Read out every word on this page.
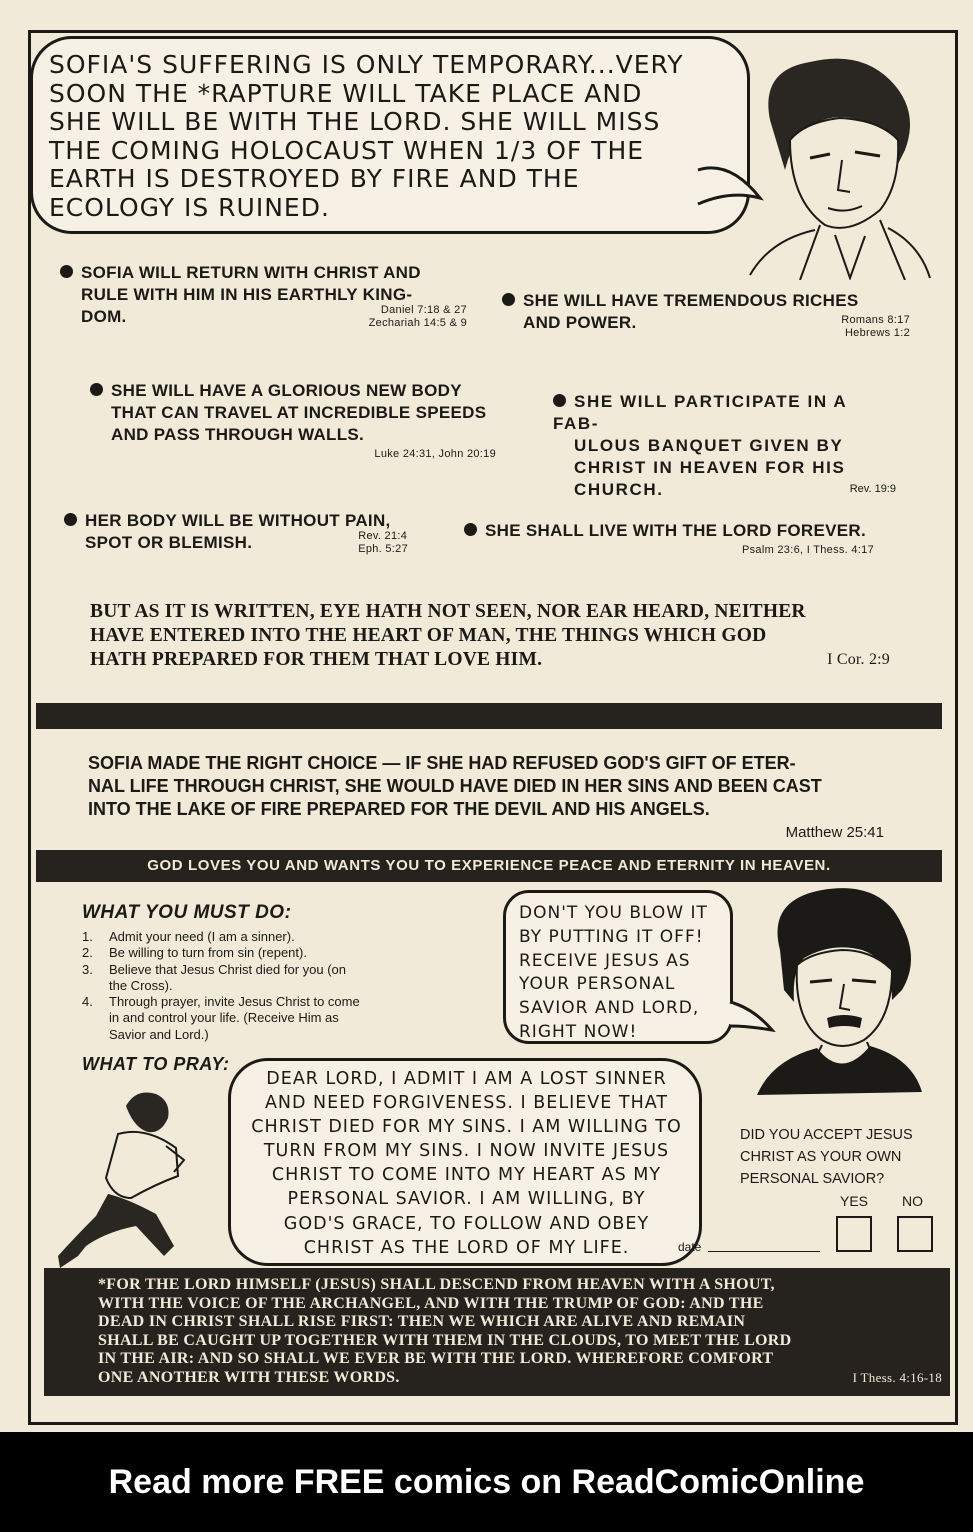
SOFIA'S SUFFERING IS ONLY TEMPORARY...VERY
SOON THE *RAPTURE WILL TAKE PLACE AND
SHE WILL BE WITH THE LORD. SHE WILL MISS
THE COMING HOLOCAUST WHEN 1/3 OF THE
EARTH IS DESTROYED BY FIRE AND THE
ECOLOGY IS RUINED.
SOFIA WILL RETURN WITH CHRIST AND
RULE WITH HIM IN HIS EARTHLY KING-
DOM.	Daniel 7:18 & 27
Zechariah 14:5 & 9
SHE WILL HAVE TREMENDOUS RICHES
AND POWER.	Romans 8:17
Hebrews 1:2
SHE WILL HAVE A GLORIOUS NEW BODY
THAT CAN TRAVEL AT INCREDIBLE SPEEDS
AND PASS THROUGH WALLS.
Luke 24:31, John 20:19
SHE WILL PARTICIPATE IN A FAB-
ULOUS BANQUET GIVEN BY
CHRIST IN HEAVEN FOR HIS
CHURCH.	Rev. 19:9
HER BODY WILL BE WITHOUT PAIN,
SPOT OR BLEMISH.	Rev. 21:4
Eph. 5:27
SHE SHALL LIVE WITH THE LORD FOREVER.
Psalm 23:6, I Thess. 4:17
BUT AS IT IS WRITTEN, EYE HATH NOT SEEN, NOR EAR HEARD, NEITHER
HAVE ENTERED INTO THE HEART OF MAN, THE THINGS WHICH GOD
HATH PREPARED FOR THEM THAT LOVE HIM.	I Cor. 2:9
SOFIA MADE THE RIGHT CHOICE — IF SHE HAD REFUSED GOD'S GIFT OF ETER-
NAL LIFE THROUGH CHRIST, SHE WOULD HAVE DIED IN HER SINS AND BEEN CAST
INTO THE LAKE OF FIRE PREPARED FOR THE DEVIL AND HIS ANGELS.
Matthew 25:41
GOD LOVES YOU AND WANTS YOU TO EXPERIENCE PEACE AND ETERNITY IN HEAVEN.
WHAT YOU MUST DO:
1.	Admit your need (I am a sinner).
2.	Be willing to turn from sin (repent).
3.	Believe that Jesus Christ died for you (on
the Cross).
4.	Through prayer, invite Jesus Christ to come
in and control your life. (Receive Him as
Savior and Lord.)
DON'T YOU BLOW IT
BY PUTTING IT OFF!
RECEIVE JESUS AS
YOUR PERSONAL
SAVIOR AND LORD,
RIGHT NOW!
WHAT TO PRAY:
DEAR LORD, I ADMIT I AM A LOST SINNER
AND NEED FORGIVENESS. I BELIEVE THAT
CHRIST DIED FOR MY SINS. I AM WILLING TO
TURN FROM MY SINS. I NOW INVITE JESUS
CHRIST TO COME INTO MY HEART AS MY
PERSONAL SAVIOR. I AM WILLING, BY
GOD'S GRACE, TO FOLLOW AND OBEY
CHRIST AS THE LORD OF MY LIFE.
DID YOU ACCEPT JESUS
CHRIST AS YOUR OWN
PERSONAL SAVIOR?
YES NO
date
*FOR THE LORD HIMSELF (JESUS) SHALL DESCEND FROM HEAVEN WITH A SHOUT,
WITH THE VOICE OF THE ARCHANGEL, AND WITH THE TRUMP OF GOD: AND THE
DEAD IN CHRIST SHALL RISE FIRST: THEN WE WHICH ARE ALIVE AND REMAIN
SHALL BE CAUGHT UP TOGETHER WITH THEM IN THE CLOUDS, TO MEET THE LORD
IN THE AIR: AND SO SHALL WE EVER BE WITH THE LORD. WHEREFORE COMFORT
ONE ANOTHER WITH THESE WORDS.	I Thess. 4:16-18
Read more FREE comics on ReadComicOnline
